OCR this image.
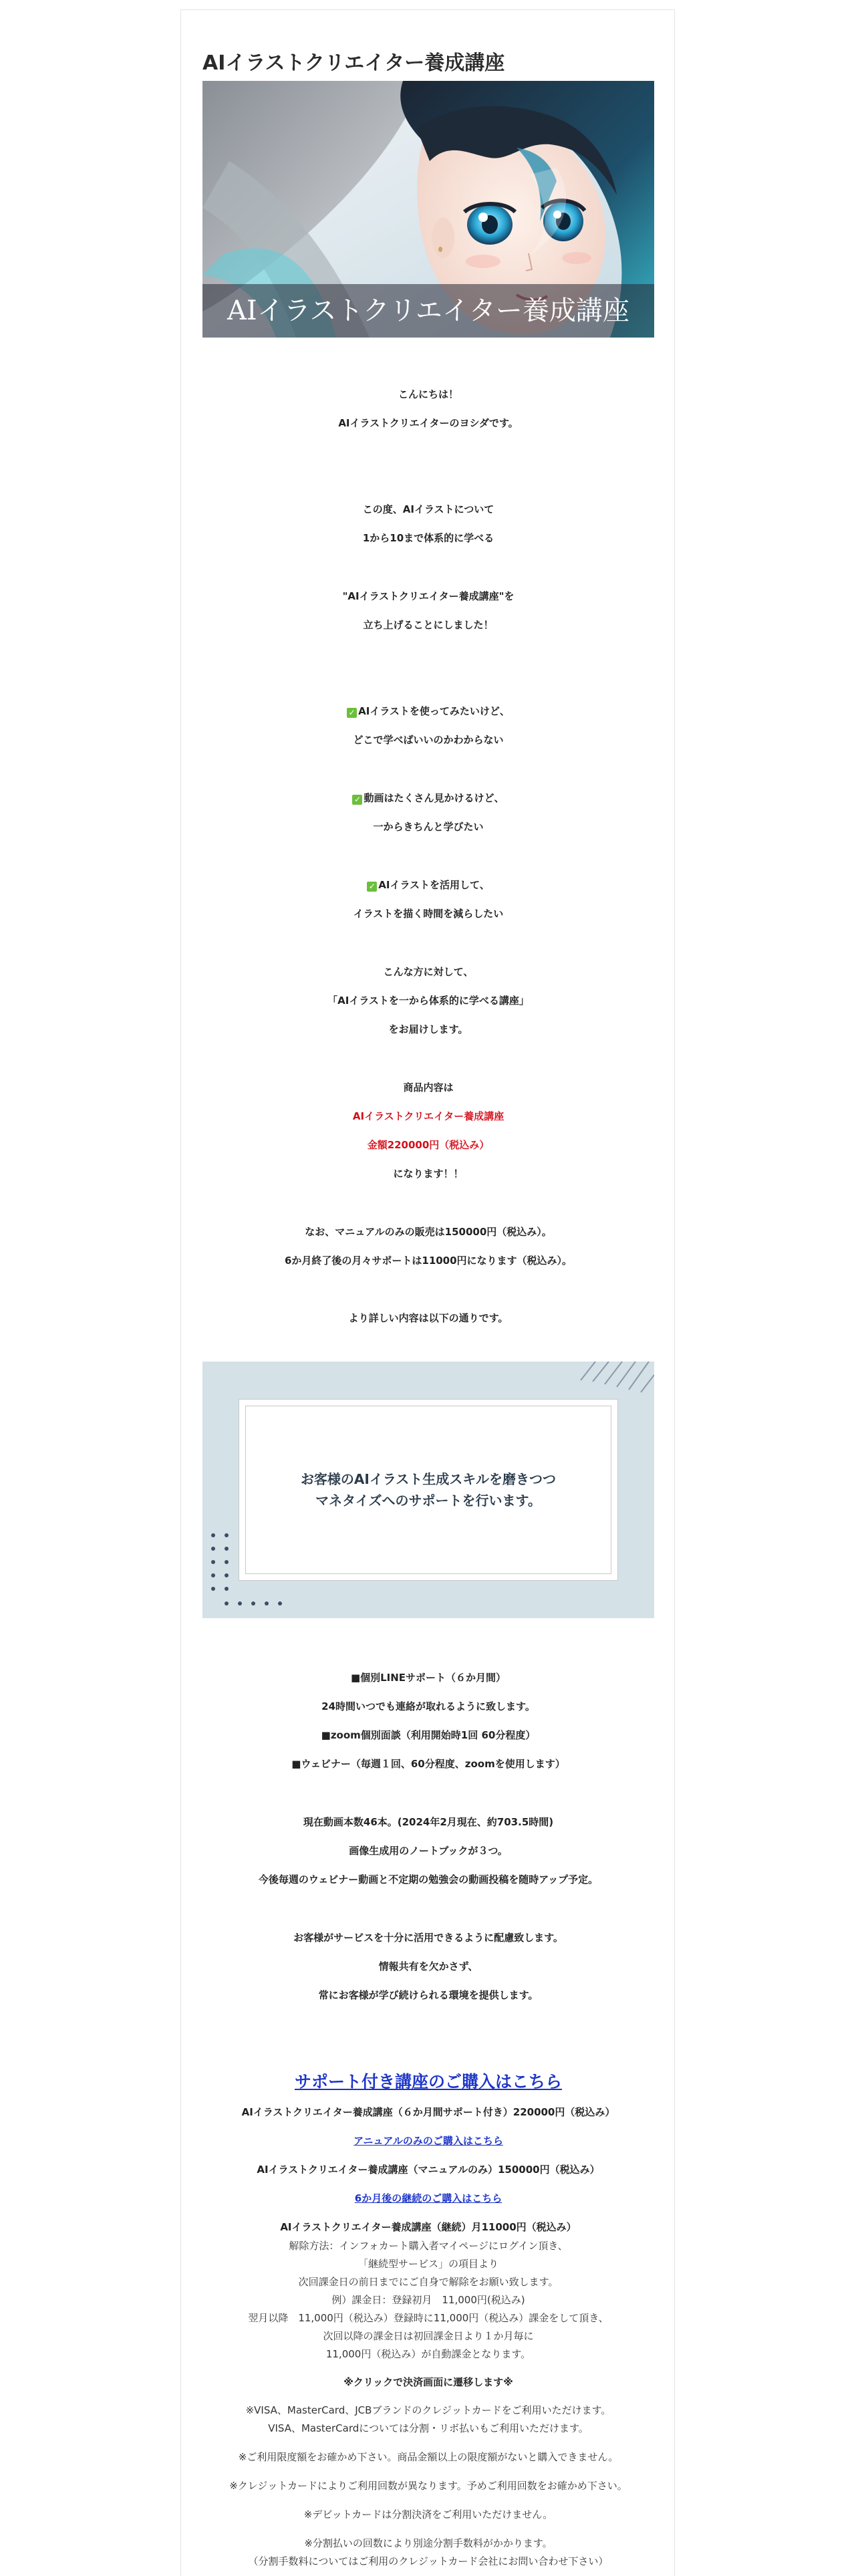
AIイラストクリエイター養成講座
AIイラストクリエイター養成講座
こんにちは！
AIイラストクリエイターのヨシダです。
この度、AIイラストについて
1から10まで体系的に学べる
"AIイラストクリエイター養成講座"を
立ち上げることにしました！
✓ AIイラストを使ってみたいけど、
どこで学べばいいのかわからない
✓ 動画はたくさん見かけるけど、
一からきちんと学びたい
✓ AIイラストを活用して、
イラストを描く時間を減らしたい
こんな方に対して、
「AIイラストを一から体系的に学べる講座」
をお届けします。
商品内容は
AIイラストクリエイター養成講座
金額220000円（税込み）
になります！！
なお、マニュアルのみの販売は150000円（税込み）。
6か月終了後の月々サポートは11000円になります（税込み）。
より詳しい内容は以下の通りです。
お客様のAIイラスト生成スキルを磨きつつ
マネタイズへのサポートを行います。
■個別LINEサポート（６か月間）
24時間いつでも連絡が取れるように致します。
■zoom個別面談（利用開始時1回 60分程度）
■ウェビナー（毎週１回、60分程度、zoomを使用します）
現在動画本数46本。(2024年2月現在、約703.5時間)
画像生成用のノートブックが３つ。
今後毎週のウェビナー動画と不定期の勉強会の動画投稿を随時アップ予定。
お客様がサービスを十分に活用できるように配慮致します。
情報共有を欠かさず、
常にお客様が学び続けられる環境を提供します。
サポート付き講座のご購入はこちら
AIイラストクリエイター養成講座（６か月間サポート付き）220000円（税込み）
アニュアルのみのご購入はこちら
AIイラストクリエイター養成講座（マニュアルのみ）150000円（税込み）
6か月後の継続のご購入はこちら
AIイラストクリエイター養成講座（継続）月11000円（税込み）
解除方法：インフォカート購入者マイページにログイン頂き、
「継続型サービス」の項目より
次回課金日の前日までにご自身で解除をお願い致します。
例）課金日：登録初月　11,000円(税込み)
翌月以降　11,000円（税込み）登録時に11,000円（税込み）課金をして頂き、
次回以降の課金日は初回課金日より１か月毎に
11,000円（税込み）が自動課金となります。
※クリックで決済画面に遷移します※
※VISA、MasterCard、JCBブランドのクレジットカードをご利用いただけます。
VISA、MasterCardについては分割・リボ払いもご利用いただけます。
※ご利用限度額をお確かめ下さい。商品金額以上の限度額がないと購入できません。
※クレジットカードによりご利用回数が異なります。予めご利用回数をお確かめ下さい。
※デビットカードは分割決済をご利用いただけません。
※分割払いの回数により別途分割手数料がかかります。
（分割手数料についてはご利用のクレジットカード会社にお問い合わせ下さい）
